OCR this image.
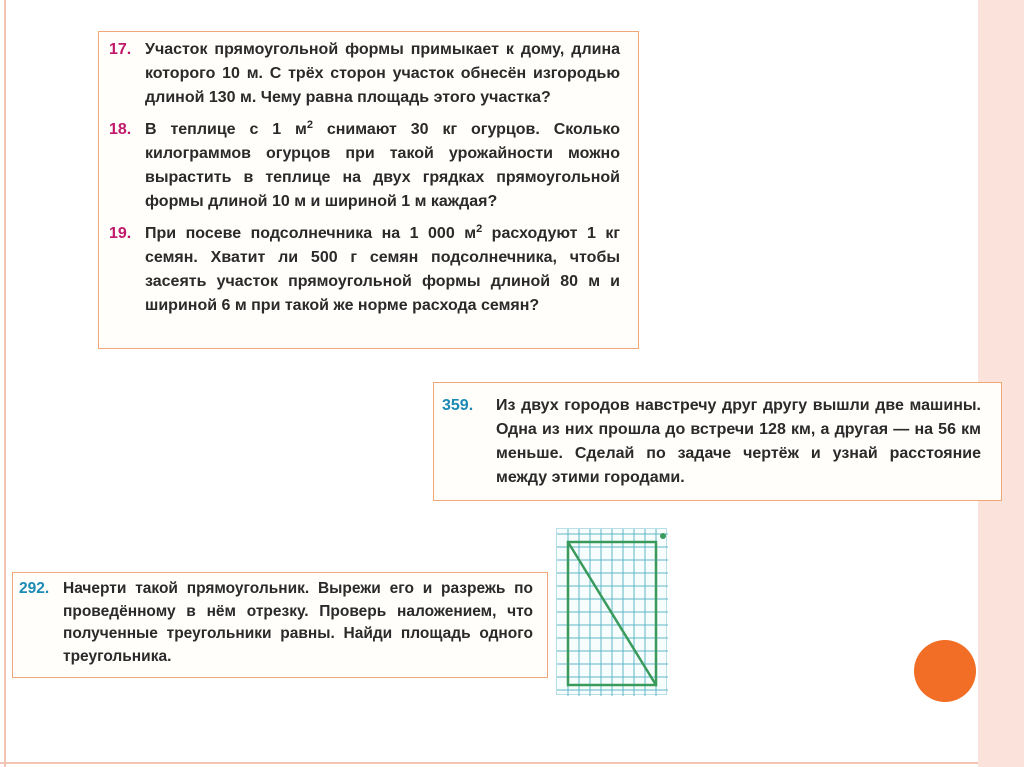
17. Участок прямоугольной формы примыкает к дому, длина которого 10 м. С трёх сторон участок обнесён изгородью длиной 130 м. Чему равна площадь этого участка?
18. В теплице с 1 $м^2$ снимают 30 кг огурцов. Сколько килограммов огурцов при такой урожайности можно вырастить в теплице на двух грядках прямоугольной формы длиной 10 м и шириной 1 м каждая?
19. При посеве подсолнечника на 1 000 $м^2$ расходуют 1 кг семян. Хватит ли 500 г семян подсолнечника, чтобы засеять участок прямоугольной формы длиной 80 м и шириной 6 м при такой же норме расхода семян?
359. Из двух городов навстречу друг другу вышли две машины. Одна из них прошла до встречи 128 км, а другая — на 56 км меньше. Сделай по задаче чертёж и узнай расстояние между этими городами.
292. Начерти такой прямоугольник. Вырежи его и разрежь по проведённому в нём отрезку. Проверь наложением, что полученные треугольники равны. Найди площадь одного треугольника.
